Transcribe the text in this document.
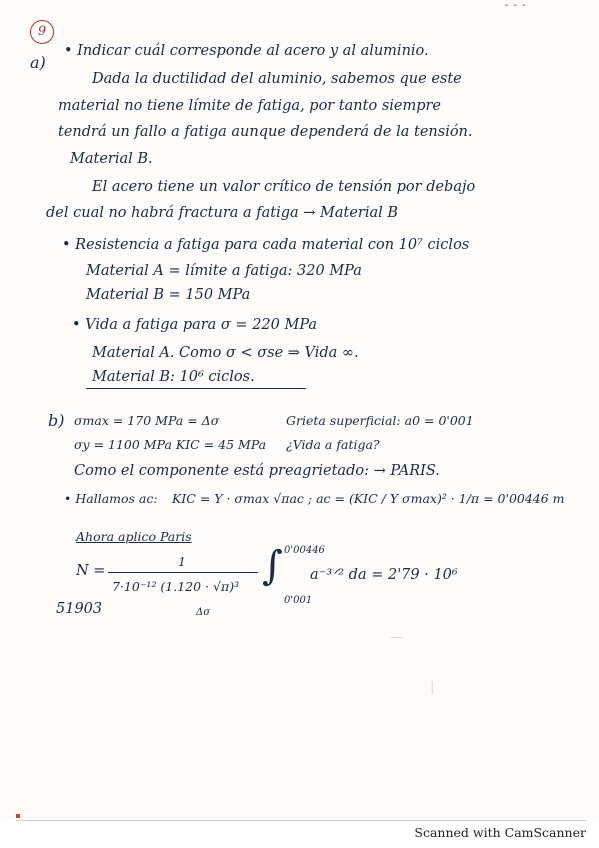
9
- - -
a)
• Indicar cuál corresponde al acero y al aluminio.
Dada la ductilidad del aluminio, sabemos que este
material no tiene límite de fatiga, por tanto siempre
tendrá un fallo a fatiga aunque dependerá de la tensión.
Material B.
El acero tiene un valor crítico de tensión por debajo
del cual no habrá fractura a fatiga → Material B
• Resistencia a fatiga para cada material con 10⁷ ciclos
Material A = límite a fatiga: 320 MPa
Material B = 150 MPa
• Vida a fatiga para σ = 220 MPa
Material A. Como σ < σse ⇒ Vida ∞.
Material B: 10⁶ ciclos.
b) σmax = 170 MPa = Δσ	Grieta superficial: a0 = 0'001
σy = 1100 MPa KIC = 45 MPa ¿Vida a fatiga?
Como el componente está preagrietado: → PARIS.
• Hallamos ac: KIC = Y · σmax √πac ; ac = (KIC / Y σmax)² · 1/π = 0'00446 m
Ahora aplico Paris
N =
1
7·10⁻¹² (1.120 · √π)³
Δσ
∫ 0'00446
0'001
a⁻³ᐟ² da = 2'79 · 10⁶
51903
—
|
Scanned with CamScanner
